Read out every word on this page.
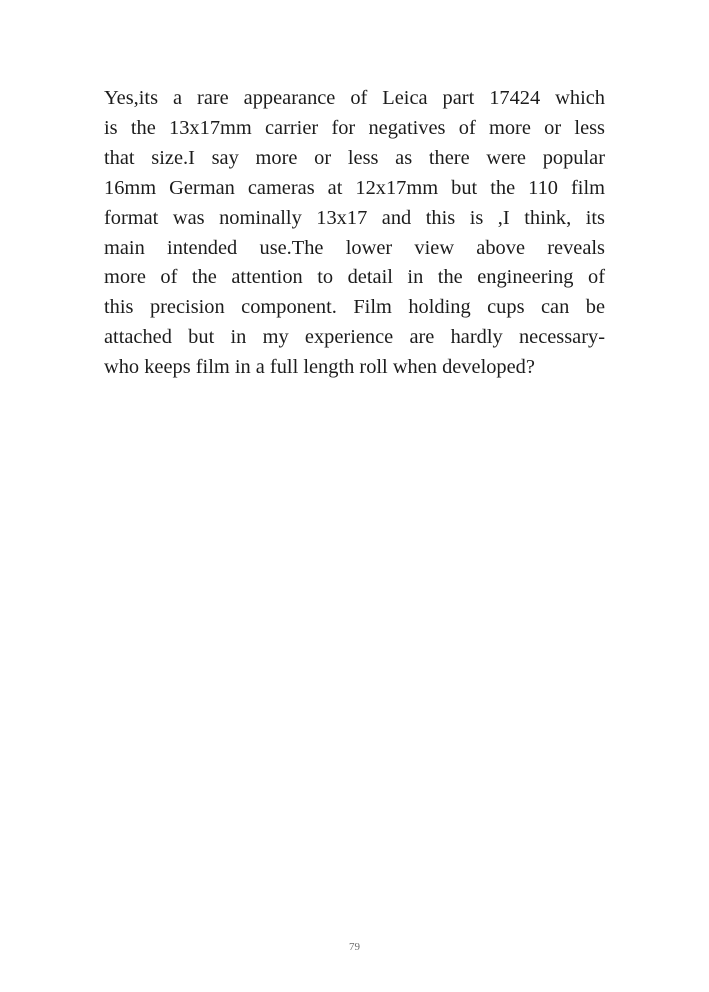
Yes,its a rare appearance of Leica part 17424 which
is the 13x17mm carrier for negatives of more or less
that size.I say more or less as there were popular
16mm German cameras at 12x17mm but the 110 film
format was nominally 13x17 and this is ,I think, its
main intended use.The lower view above reveals
more of the attention to detail in the engineering of
this precision component. Film holding cups can be
attached but in my experience are hardly necessary-
who keeps film in a full length roll when developed?

79
